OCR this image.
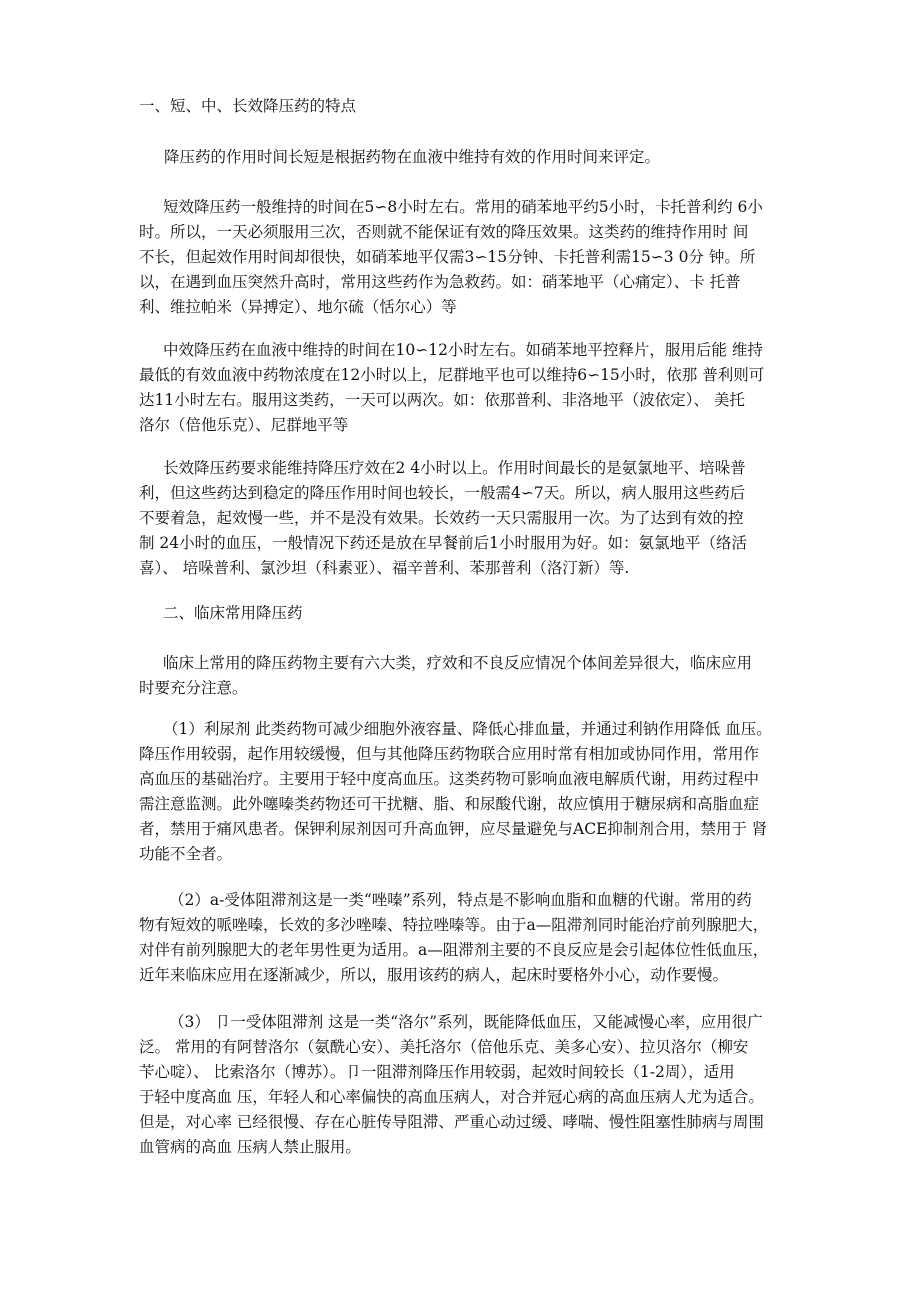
一、短、中、长效降压药的特点
降压药的作用时间长短是根据药物在血液中维持有效的作用时间来评定。
短效降压药一般维持的时间在5∽8小时左右。常用的硝苯地平约5小时，卡托普利约 6小
时。所以，一天必须服用三次，否则就不能保证有效的降压效果。这类药的维持作用时 间
不长，但起效作用时间却很快，如硝苯地平仅需3∽15分钟、卡托普利需15∽3 0分 钟。所
以，在遇到血压突然升高时，常用这些药作为急救药。如：硝苯地平（心痛定）、卡 托普
利、维拉帕米（异搏定）、地尔硫（恬尔心）等
中效降压药在血液中维持的时间在10∽12小时左右。如硝苯地平控释片，服用后能 维持
最低的有效血液中药物浓度在12小时以上，尼群地平也可以维持6∽15小时，依那 普利则可
达11小时左右。服用这类药，一天可以两次。如：依那普利、非洛地平（波依定）、 美托
洛尔（倍他乐克）、尼群地平等
长效降压药要求能维持降压疗效在2 4小时以上。作用时间最长的是氨氯地平、培哚普
利，但这些药达到稳定的降压作用时间也较长，一般需4∽7天。所以，病人服用这些药后
不要着急，起效慢一些，并不是没有效果。长效药一天只需服用一次。为了达到有效的控
制 24小时的血压，一般情况下药还是放在早餐前后1小时服用为好。如：氨氯地平（络活
喜）、 培哚普利、氯沙坦（科素亚）、福辛普利、苯那普利（洛汀新）等.
二、临床常用降压药
临床上常用的降压药物主要有六大类，疗效和不良反应情况个体间差异很大，临床应用
时要充分注意。
（1）利尿剂 此类药物可减少细胞外液容量、降低心排血量，并通过利钠作用降低 血压。
降压作用较弱，起作用较缓慢，但与其他降压药物联合应用时常有相加或协同作用，常用作
高血压的基础治疗。主要用于轻中度高血压。这类药物可影响血液电解质代谢，用药过程中
需注意监测。此外噻嗪类药物还可干扰糖、脂、和尿酸代谢，故应慎用于糖尿病和高脂血症
者，禁用于痛风患者。保钾利尿剂因可升高血钾，应尽量避免与ACE抑制剂合用，禁用于 肾
功能不全者。
（2）a-受体阻滞剂这是一类“唑嗪”系列，特点是不影响血脂和血糖的代谢。常用的药
物有短效的哌唑嗪，长效的多沙唑嗪、特拉唑嗪等。由于a—阻滞剂同时能治疗前列腺肥大，
对伴有前列腺肥大的老年男性更为适用。a—阻滞剂主要的不良反应是会引起体位性低血压，
近年来临床应用在逐渐减少，所以，服用该药的病人，起床时要格外小心，动作要慢。
（3） 卩一受体阻滞剂 这是一类“洛尔”系列，既能降低血压，又能减慢心率，应用很广
泛。 常用的有阿替洛尔（氨酰心安）、美托洛尔（倍他乐克、美多心安）、拉贝洛尔（柳安
苄心啶）、 比索洛尔（博苏）。卩一阻滞剂降压作用较弱，起效时间较长（1-2周），适用
于轻中度高血 压，年轻人和心率偏快的高血压病人，对合并冠心病的高血压病人尤为适合。
但是，对心率 已经很慢、存在心脏传导阻滞、严重心动过缓、哮喘、慢性阻塞性肺病与周围
血管病的高血 压病人禁止服用。
